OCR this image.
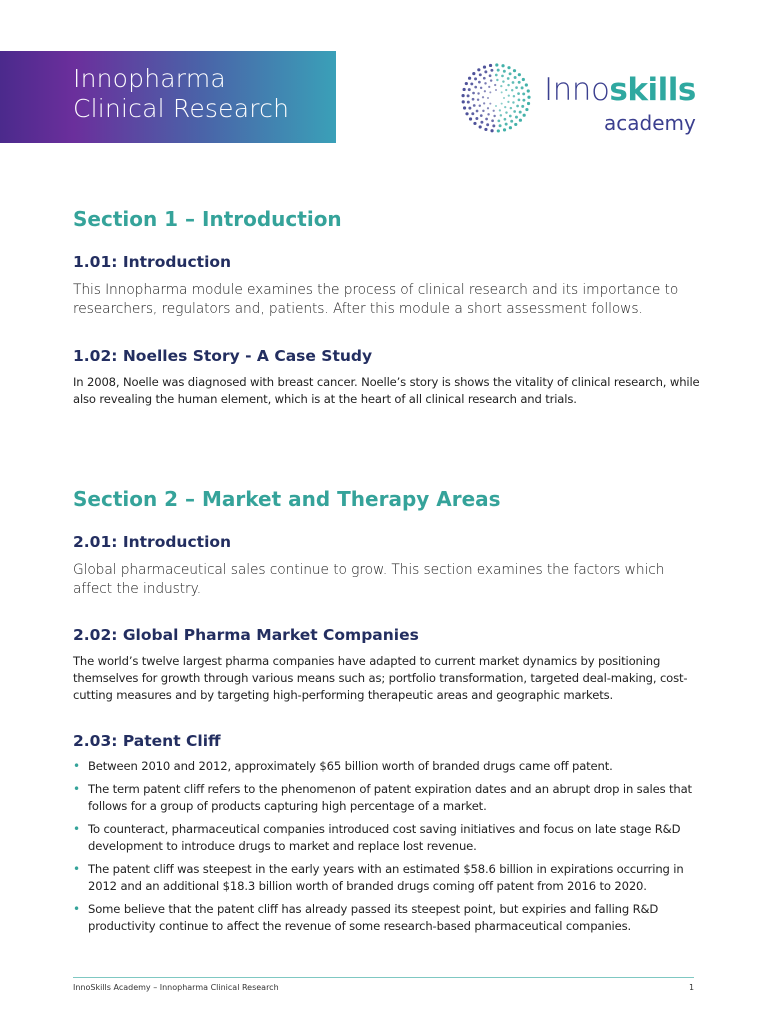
Innopharma
Clinical Research
Innoskills
academy
Section 1 – Introduction
1.01: Introduction
This Innopharma module examines the process of clinical research and its importance to researchers, regulators and, patients. After this module a short assessment follows.
1.02: Noelles Story - A Case Study
In 2008, Noelle was diagnosed with breast cancer. Noelle’s story is shows the vitality of clinical research, while also revealing the human element, which is at the heart of all clinical research and trials.
Section 2 – Market and Therapy Areas
2.01: Introduction
Global pharmaceutical sales continue to grow. This section examines the factors which affect the industry.
2.02: Global Pharma Market Companies
The world’s twelve largest pharma companies have adapted to current market dynamics by positioning themselves for growth through various means such as; portfolio transformation, targeted deal-making, cost-cutting measures and by targeting high-performing therapeutic areas and geographic markets.
2.03: Patent Cliff
• Between 2010 and 2012, approximately $65 billion worth of branded drugs came off patent.
• The term patent cliff refers to the phenomenon of patent expiration dates and an abrupt drop in sales that follows for a group of products capturing high percentage of a market.
• To counteract, pharmaceutical companies introduced cost saving initiatives and focus on late stage R&D development to introduce drugs to market and replace lost revenue.
• The patent cliff was steepest in the early years with an estimated $58.6 billion in expirations occurring in 2012 and an additional $18.3 billion worth of branded drugs coming off patent from 2016 to 2020.
• Some believe that the patent cliff has already passed its steepest point, but expiries and falling R&D productivity continue to affect the revenue of some research-based pharmaceutical companies.
InnoSkills Academy – Innopharma Clinical Research	1
